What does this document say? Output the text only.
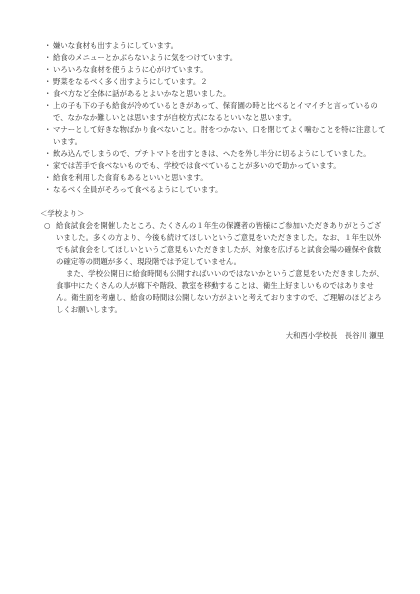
・ 嫌いな食材も出すようにしています。
・ 給食のメニューとかぶらないように気をつけています。
・ いろいろな食材を使うように心がけています。
・ 野菜をなるべく多く出すようにしています。２
・ 食べ方など全体に話があるとよいかなと思いました。
・ 上の子も下の子も給食が冷めているときがあって、保育園の時と比べるとイマイチと言っているので、なかなか難しいとは思いますが自校方式になるといいなと思います。
・ マナーとして好きな物ばかり食べないこと。肘をつかない、口を閉じてよく噛むことを特に注意しています。
・ 飲み込んでしまうので、プチトマトを出すときは、へたを外し半分に切るようにしていました。
・ 家では苦手で食べないものでも、学校では食べていることが多いので助かっています。
・ 給食を利用した食育もあるといいと思います。
・ なるべく全員がそろって食べるようにしています。

＜学校より＞

○ 給食試食会を開催したところ、たくさんの１年生の保護者の皆様にご参加いただきありがとうございました。多くの方より、今後も続けてほしいというご意見をいただきました。なお、１年生以外でも試食会をしてほしいというご意見もいただきましたが、対象を広げると試食会場の確保や食数の確定等の問題が多く、現段階では予定していません。

また、学校公開日に給食時間も公開すればいいのではないかというご意見をいただきましたが、食事中にたくさんの人が廊下や階段、教室を移動することは、衛生上好ましいものではありません。衛生面を考慮し、給食の時間は公開しない方がよいと考えておりますので、ご理解のほどよろしくお願いします。

大和西小学校長　長谷川 瀬里
